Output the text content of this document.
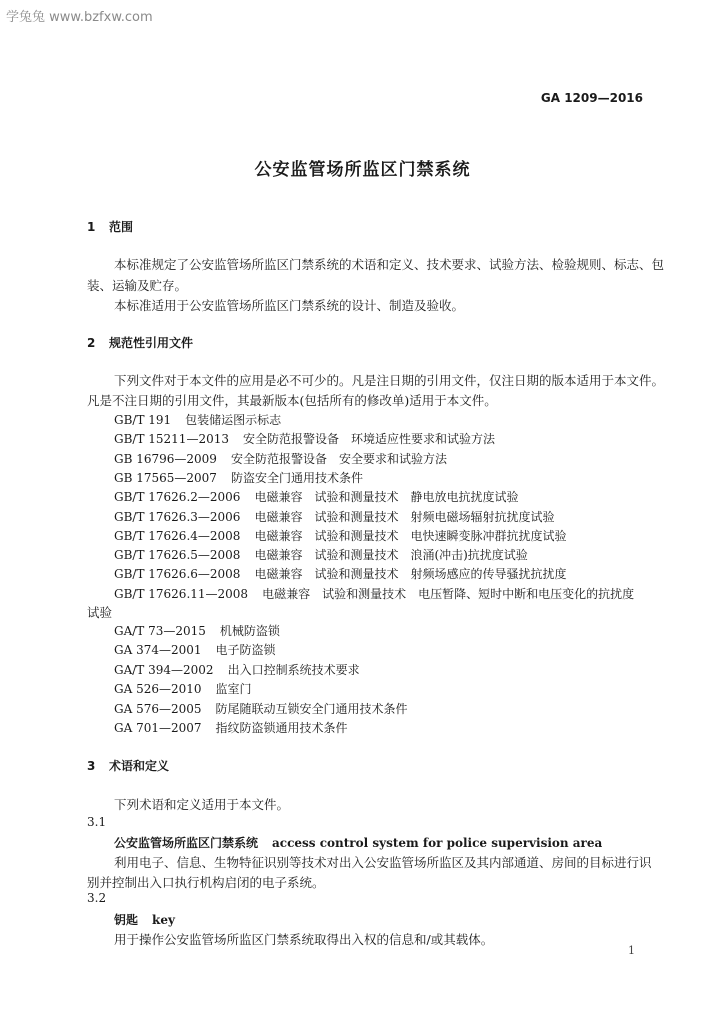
学兔兔 www.bzfxw.com
GA 1209—2016
公安监管场所监区门禁系统
1 范围
本标准规定了公安监管场所监区门禁系统的术语和定义、技术要求、试验方法、检验规则、标志、包
装、运输及贮存。
本标准适用于公安监管场所监区门禁系统的设计、制造及验收。
2 规范性引用文件
下列文件对于本文件的应用是必不可少的。凡是注日期的引用文件，仅注日期的版本适用于本文件。
凡是不注日期的引用文件，其最新版本(包括所有的修改单)适用于本文件。
GB/T 191 包装储运图示标志
GB/T 15211—2013 安全防范报警设备　环境适应性要求和试验方法
GB 16796—2009 安全防范报警设备　安全要求和试验方法
GB 17565—2007 防盗安全门通用技术条件
GB/T 17626.2—2006 电磁兼容　试验和测量技术　静电放电抗扰度试验
GB/T 17626.3—2006 电磁兼容　试验和测量技术　射频电磁场辐射抗扰度试验
GB/T 17626.4—2008 电磁兼容　试验和测量技术　电快速瞬变脉冲群抗扰度试验
GB/T 17626.5—2008 电磁兼容　试验和测量技术　浪涌(冲击)抗扰度试验
GB/T 17626.6—2008 电磁兼容　试验和测量技术　射频场感应的传导骚扰抗扰度
GB/T 17626.11—2008 电磁兼容　试验和测量技术　电压暂降、短时中断和电压变化的抗扰度
试验
GA/T 73—2015 机械防盗锁
GA 374—2001 电子防盗锁
GA/T 394—2002 出入口控制系统技术要求
GA 526—2010 监室门
GA 576—2005 防尾随联动互锁安全门通用技术条件
GA 701—2007 指纹防盗锁通用技术条件
3 术语和定义
下列术语和定义适用于本文件。
3.1
公安监管场所监区门禁系统 access control system for police supervision area
利用电子、信息、生物特征识别等技术对出入公安监管场所监区及其内部通道、房间的目标进行识
别并控制出入口执行机构启闭的电子系统。
3.2
钥匙 key
用于操作公安监管场所监区门禁系统取得出入权的信息和/或其载体。
1
